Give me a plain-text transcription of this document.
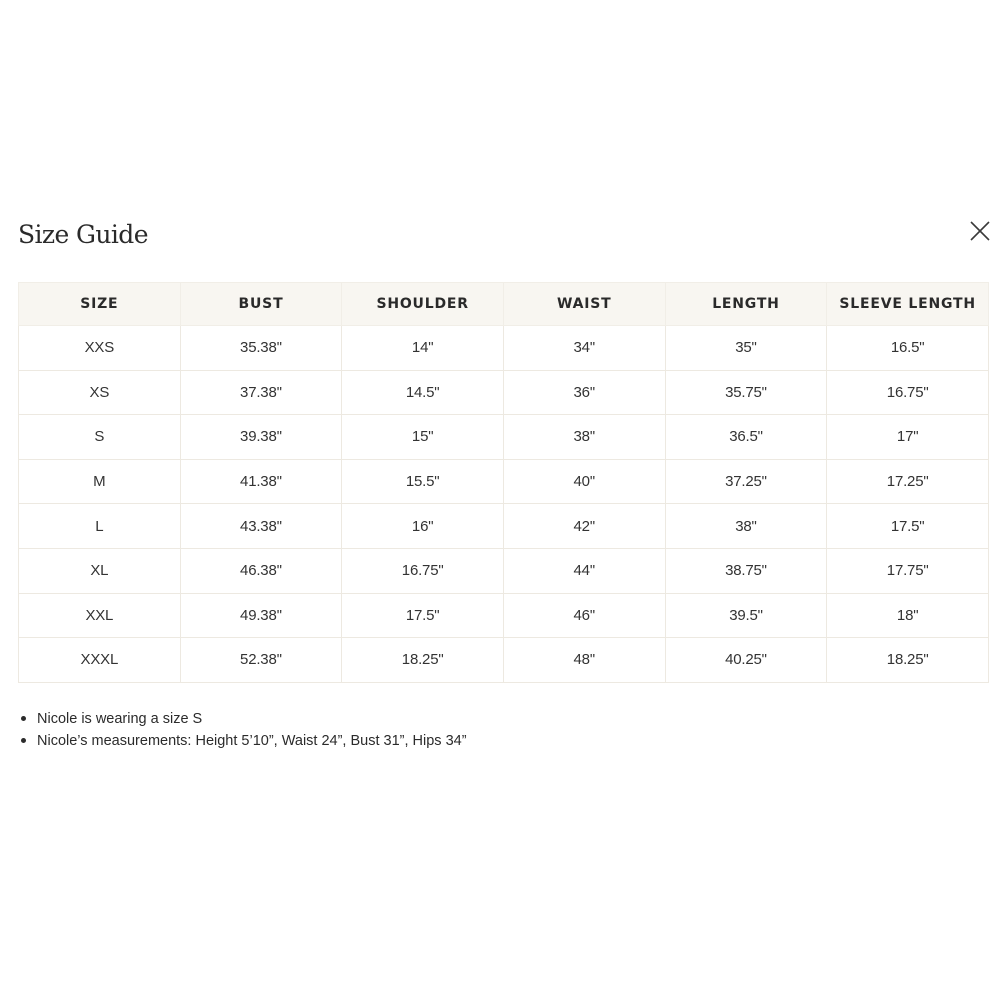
Size Guide
SIZE	BUST	SHOULDER	WAIST	LENGTH	SLEEVE LENGTH
XXS	35.38''	14"	34''	35"	16.5"
XS	37.38''	14.5"	36''	35.75"	16.75"
S	39.38''	15"	38''	36.5"	17"
M	41.38''	15.5"	40''	37.25"	17.25"
L	43.38''	16"	42''	38"	17.5"
XL	46.38''	16.75"	44''	38.75"	17.75"
XXL	49.38''	17.5"	46''	39.5"	18"
XXXL	52.38''	18.25"	48''	40.25"	18.25"
Nicole is wearing a size S
Nicole’s measurements: Height 5’10”, Waist 24”, Bust 31”, Hips 34”
